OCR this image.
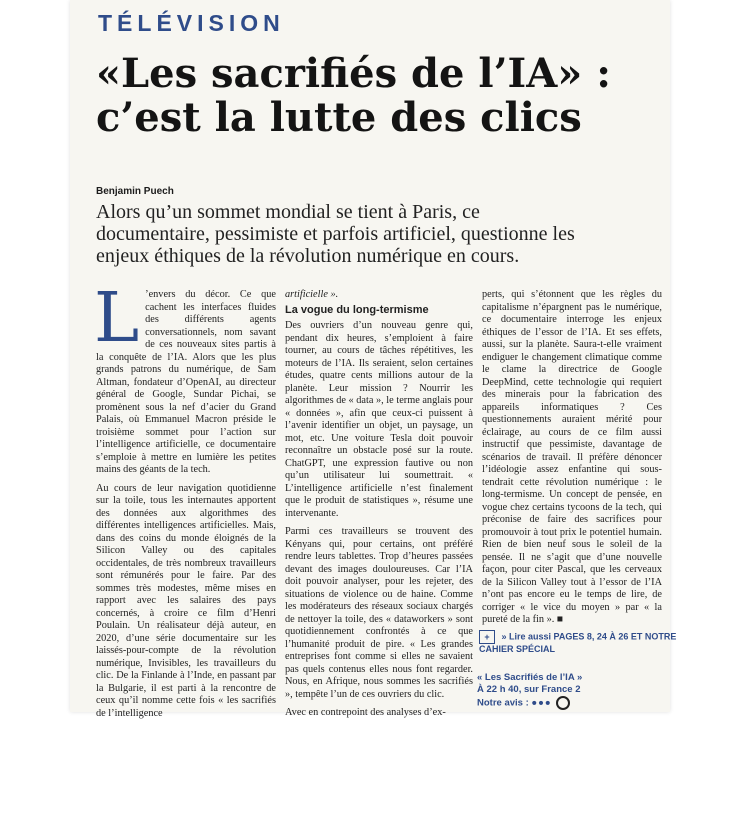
TÉLÉVISION
«Les sacrifiés de l’IA» : c’est la lutte des clics
Benjamin Puech
Alors qu’un sommet mondial se tient à Paris, ce documentaire, pessimiste et parfois artificiel, questionne les enjeux éthiques de la révolution numérique en cours.

L ’envers du décor. Ce que cachent les interfaces fluides des différents agents conversationnels, nom savant de ces nouveaux sites partis à la conquête de l’IA. Alors que les plus grands patrons du numérique, de Sam Altman, fondateur d’OpenAI, au directeur général de Google, Sundar Pichai, se promènent sous la nef d’acier du Grand Palais, où Emmanuel Macron préside le troisième sommet pour l’action sur l’intelligence artificielle, ce documentaire s’emploie à mettre en lumière les petites mains des géants de la tech.

Au cours de leur navigation quotidienne sur la toile, tous les internautes apportent des données aux algorithmes des différentes intelligences artificielles. Mais, dans des coins du monde éloignés de la Silicon Valley ou des capitales occidentales, de très nombreux travailleurs sont rémunérés pour le faire. Par des sommes très modestes, même mises en rapport avec les salaires des pays concernés, à croire ce film d’Henri Poulain. Un réalisateur déjà auteur, en 2020, d’une série documentaire sur les laissés-pour-compte de la révolution numérique, Invisibles, les travailleurs du clic. De la Finlande à l’Inde, en passant par la Bulgarie, il est parti à la rencontre de ceux qu’il nomme cette fois « les sacrifiés de l’intelligence

artificielle ».

La vogue du long-termisme

Des ouvriers d’un nouveau genre qui, pendant dix heures, s’emploient à faire tourner, au cours de tâches répétitives, les moteurs de l’IA. Ils seraient, selon certaines études, quatre cents millions autour de la planète. Leur mission ? Nourrir les algorithmes de « data », le terme anglais pour « données », afin que ceux-ci puissent à l’avenir identifier un objet, un paysage, un mot, etc. Une voiture Tesla doit pouvoir reconnaître un obstacle posé sur la route. ChatGPT, une expression fautive ou non qu’un utilisateur lui soumettrait. « L’intelligence artificielle n’est finalement que le produit de statistiques », résume une intervenante.

Parmi ces travailleurs se trouvent des Kényans qui, pour certains, ont préféré rendre leurs tablettes. Trop d’heures passées devant des images douloureuses. Car l’IA doit pouvoir analyser, pour les rejeter, des situations de violence ou de haine. Comme les modérateurs des réseaux sociaux chargés de nettoyer la toile, des « dataworkers » sont quotidiennement confrontés à ce que l’humanité produit de pire. « Les grandes entreprises font comme si elles ne savaient pas quels contenus elles nous font regarder. Nous, en Afrique, nous sommes les sacrifiés », tempête l’un de ces ouvriers du clic.

Avec en contrepoint des analyses d’ex-

perts, qui s’étonnent que les règles du capitalisme n’épargnent pas le numérique, ce documentaire interroge les enjeux éthiques de l’essor de l’IA. Et ses effets, aussi, sur la planète. Saura-t-elle vraiment endiguer le changement climatique comme le clame la directrice de Google DeepMind, cette technologie qui requiert des minerais pour la fabrication des appareils informatiques ? Ces questionnements auraient mérité pour éclairage, au cours de ce film aussi instructif que pessimiste, davantage de scénarios de travail. Il préfère dénoncer l’idéologie assez enfantine qui sous-tendrait cette révolution numérique : le long-termisme. Un concept de pensée, en vogue chez certains tycoons de la tech, qui préconise de faire des sacrifices pour promouvoir à tout prix le potentiel humain. Rien de bien neuf sous le soleil de la pensée. Il ne s’agit que d’une nouvelle façon, pour citer Pascal, que les cerveaux de la Silicon Valley tout à l’essor de l’IA n’ont pas encore eu le temps de lire, de corriger « le vice du moyen » par « la pureté de la fin ». ■

+ » Lire aussi PAGES 8, 24 À 26 ET NOTRE CAHIER SPÉCIAL
« Les Sacrifiés de l’IA »
À 22 h 40, sur France 2
Notre avis : ●●●
